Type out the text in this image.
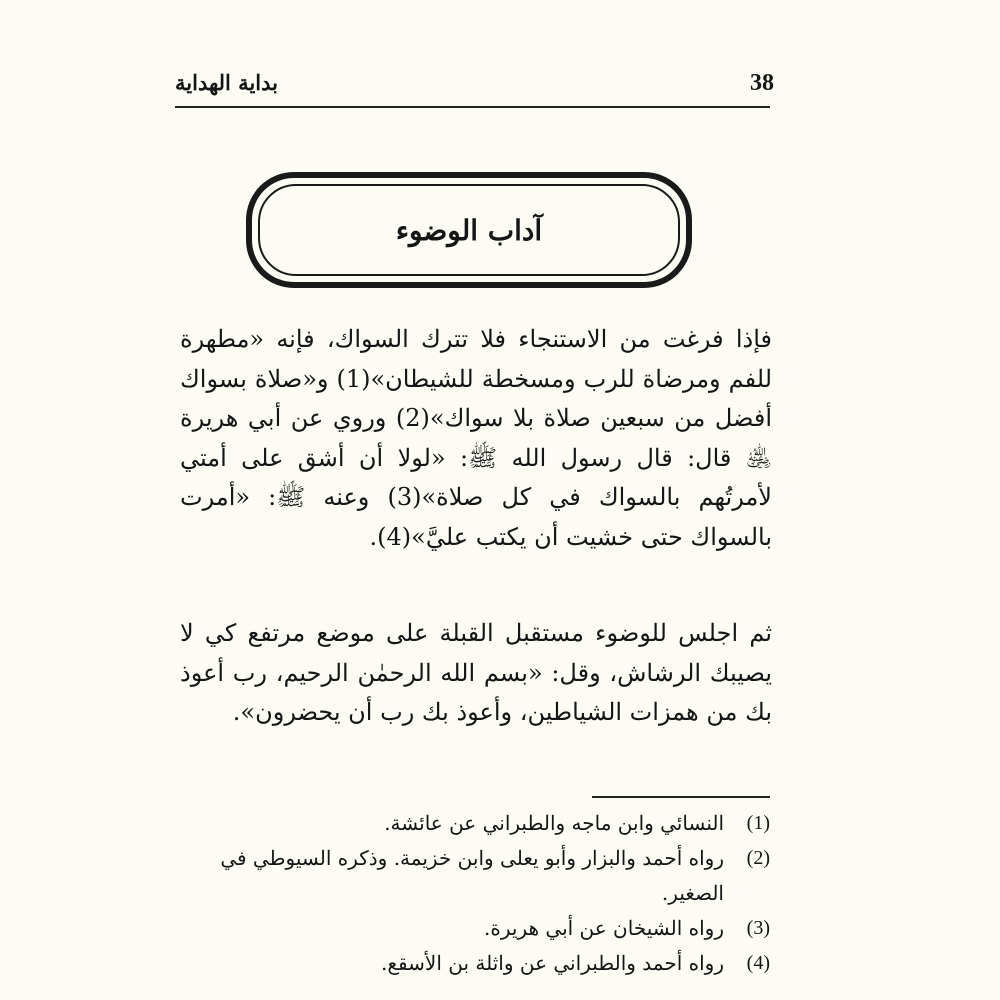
38
بداية الهداية
آداب الوضوء

فإذا فرغت من الاستنجاء فلا تترك السواك، فإنه «مطهرة للفم ومرضاة للرب ومسخطة للشيطان»(1) و«صلاة بسواك أفضل من سبعين صلاة بلا سواك»(2) وروي عن أبي هريرة ﵁ قال: قال رسول الله ﷺ: «لولا أن أشق على أمتي لأمرتُهم بالسواك في كل صلاة»(3) وعنه ﷺ: «أمرت بالسواك حتى خشيت أن يكتب عليَّ»(4).

ثم اجلس للوضوء مستقبل القبلة على موضع مرتفع كي لا يصيبك الرشاش، وقل: «بسم الله الرحمٰن الرحيم، رب أعوذ بك من همزات الشياطين، وأعوذ بك رب أن يحضرون».

(1)
النسائي وابن ماجه والطبراني عن عائشة.
(2)
رواه أحمد والبزار وأبو يعلى وابن خزيمة. وذكره السيوطي في الصغير.
(3)
رواه الشيخان عن أبي هريرة.
(4)
رواه أحمد والطبراني عن واثلة بن الأسقع.
